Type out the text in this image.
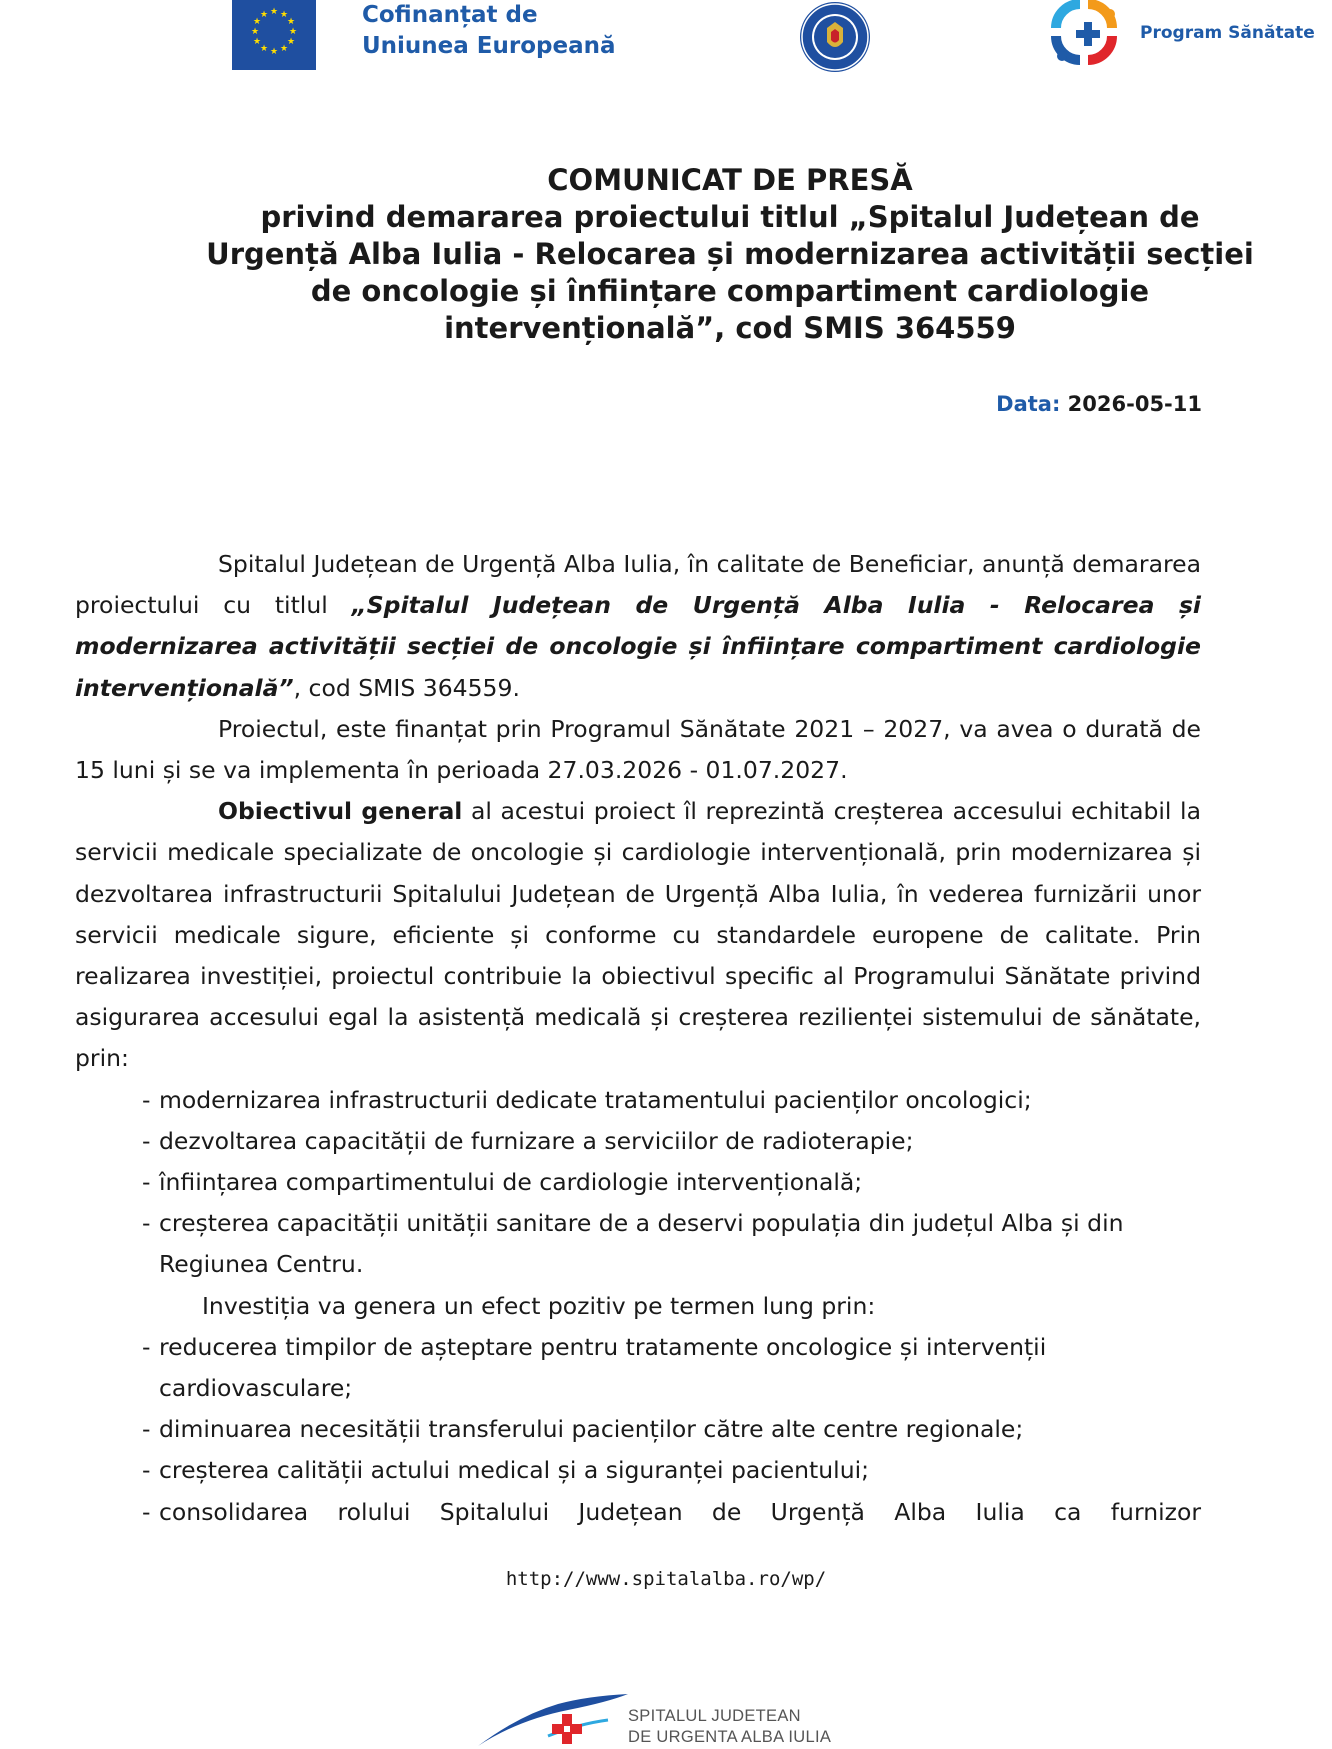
★ ★
★
★
★
★
★
★
★
★
★
★	Cofinanțat de
Uniunea Europeană	Program Sănătate
COMUNICAT DE PRESĂ
privind demararea proiectului titlul „Spitalul Județean de
Urgență Alba Iulia - Relocarea și modernizarea activității secției
de oncologie și înființare compartiment cardiologie
intervențională”, cod SMIS 364559
Data: 2026-05-11

Spitalul Județean de Urgență Alba Iulia, în calitate de Beneficiar, anunță demararea proiectului cu titlul „Spitalul Județean de Urgență Alba Iulia - Relocarea și modernizarea activității secției de oncologie și înființare compartiment cardiologie intervențională”, cod SMIS 364559.

Proiectul, este finanțat prin Programul Sănătate 2021 – 2027, va avea o durată de 15 luni și se va implementa în perioada 27.03.2026 - 01.07.2027.

Obiectivul general al acestui proiect îl reprezintă creșterea accesului echitabil la servicii medicale specializate de oncologie și cardiologie intervențională, prin modernizarea și dezvoltarea infrastructurii Spitalului Județean de Urgență Alba Iulia, în vederea furnizării unor servicii medicale sigure, eficiente și conforme cu standardele europene de calitate. Prin realizarea investiției, proiectul contribuie la obiectivul specific al Programului Sănătate privind asigurarea accesului egal la asistență medicală și creșterea rezilienței sistemului de sănătate, prin:

- modernizarea infrastructurii dedicate tratamentului pacienților oncologici;
- dezvoltarea capacității de furnizare a serviciilor de radioterapie;
- înființarea compartimentului de cardiologie intervențională;
- creșterea capacității unității sanitare de a deservi populația din județul Alba și din Regiunea Centru.

Investiția va genera un efect pozitiv pe termen lung prin:

- reducerea timpilor de așteptare pentru tratamente oncologice și intervenții cardiovasculare;
- diminuarea necesității transferului pacienților către alte centre regionale;
- creșterea calității actului medical și a siguranței pacientului;
- consolidarea rolului Spitalului Județean de Urgență Alba Iulia ca furnizor
http://www.spitalalba.ro/wp/
SPITALUL JUDETEAN
DE URGENTA ALBA IULIA
